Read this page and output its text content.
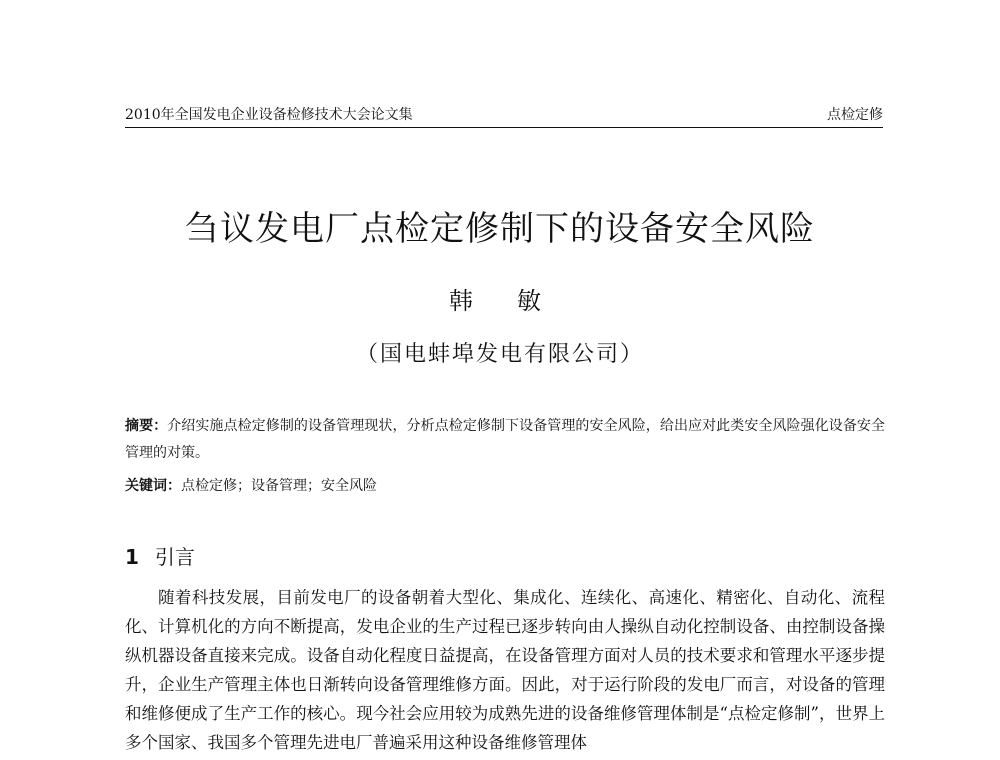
2010年全国发电企业设备检修技术大会论文集	点检定修
刍议发电厂点检定修制下的设备安全风险
韩　敏
（国电蚌埠发电有限公司）
摘要：介绍实施点检定修制的设备管理现状，分析点检定修制下设备管理的安全风险，给出应对此类安全风险强化设备安全管理的对策。
关键词：点检定修；设备管理；安全风险
1 引言

随着科技发展，目前发电厂的设备朝着大型化、集成化、连续化、高速化、精密化、自动化、流程化、计算机化的方向不断提高，发电企业的生产过程已逐步转向由人操纵自动化控制设备、由控制设备操纵机器设备直接来完成。设备自动化程度日益提高，在设备管理方面对人员的技术要求和管理水平逐步提升，企业生产管理主体也日渐转向设备管理维修方面。因此，对于运行阶段的发电厂而言，对设备的管理和维修便成了生产工作的核心。现今社会应用较为成熟先进的设备维修管理体制是“点检定修制”，世界上多个国家、我国多个管理先进电厂普遍采用这种设备维修管理体
